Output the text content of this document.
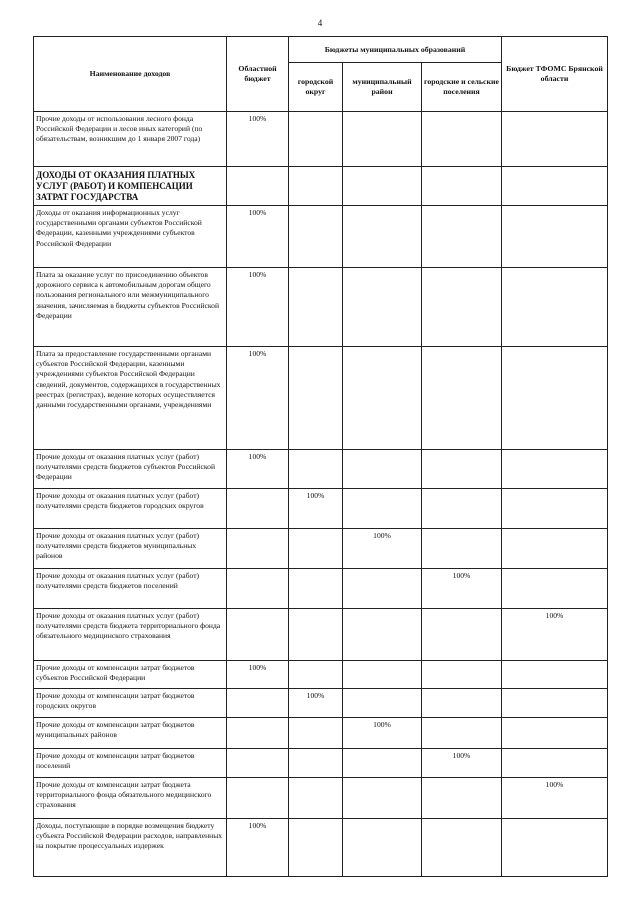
4
Наименование доходов	Областной бюджет	Бюджеты муниципальных образований			Бюджет ТФОМС Брянской области
		городской округ	муниципальный район	городские и сельские поселения	
Прочие доходы от использования лесного фонда Российской Федерации и лесов иных категорий (по обязательствам, возникшим до 1 января 2007 года)	100%				
ДОХОДЫ ОТ ОКАЗАНИЯ ПЛАТНЫХ УСЛУГ (РАБОТ) И КОМПЕНСАЦИИ ЗАТРАТ ГОСУДАРСТВА					
Доходы от оказания информационных услуг государственными органами субъектов Российской Федерации, казенными учреждениями субъектов Российской Федерации	100%				
Плата за оказание услуг по присоединению объектов дорожного сервиса к автомобильным дорогам общего пользования регионального или межмуниципального значения, зачисляемая в бюджеты субъектов Российской Федерации	100%				
Плата за предоставление государственными органами субъектов Российской Федерации, казенными учреждениями субъектов Российской Федерации сведений, документов, содержащихся в государственных реестрах (регистрах), ведение которых осуществляется данными государственными органами, учреждениями	100%				
Прочие доходы от оказания платных услуг (работ) получателями средств бюджетов субъектов Российской Федерации	100%				
Прочие доходы от оказания платных услуг (работ) получателями средств бюджетов городских округов		100%			
Прочие доходы от оказания платных услуг (работ) получателями средств бюджетов муниципальных районов			100%		
Прочие доходы от оказания платных услуг (работ) получателями средств бюджетов поселений				100%	
Прочие доходы от оказания платных услуг (работ) получателями средств бюджета территориального фонда обязательного медицинского страхования					100%
Прочие доходы от компенсации затрат бюджетов субъектов Российской Федерации	100%				
Прочие доходы от компенсации затрат бюджетов городских округов		100%			
Прочие доходы от компенсации затрат бюджетов муниципальных районов			100%		
Прочие доходы от компенсации затрат бюджетов поселений				100%	
Прочие доходы от компенсации затрат бюджета территориального фонда обязательного медицинского страхования					100%
Доходы, поступающие в порядке возмещения бюджету субъекта Российской Федерации расходов, направленных на покрытие процессуальных издержек	100%				
